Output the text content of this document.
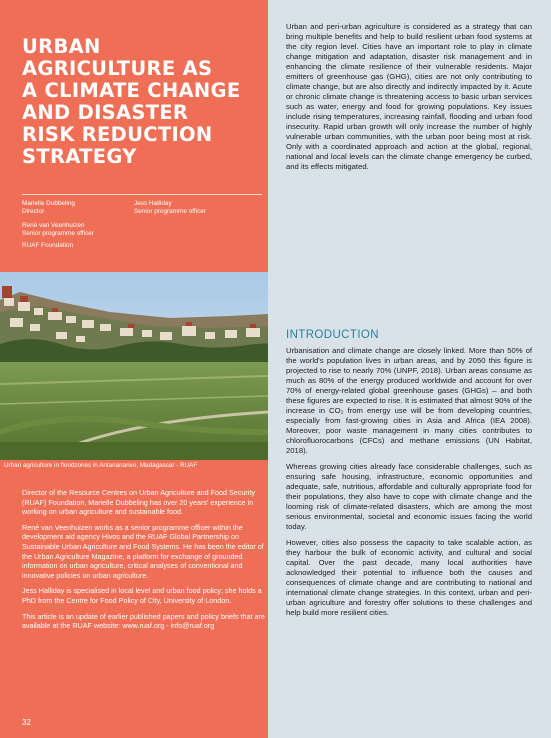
URBAN
AGRICULTURE AS
A CLIMATE CHANGE
AND DISASTER
RISK REDUCTION
STRATEGY
Marielle Dubbeling
Director
Jess Halliday
Senior programme officer
René van Veenhuizen
Senior programme officer
RUAF Foundation
Urban agriculture in floodzones in Antananarivo, Madagascar - RUAF

Director of the Resource Centres on Urban Agriculture and Food Security (RUAF) Foundation, Marielle Dubbeling has over 20 years' experience in working on urban agriculture and sustainable food.

René van Veenhuizen works as a senior programme officer within the development aid agency Hivos and the RUAF Global Partnership on Sustainable Urban Agriculture and Food Systems. He has been the editor of the Urban Agriculture Magazine, a platform for exchange of grounded information on urban agriculture, critical analyses of conventional and innovative policies on urban agriculture.

Jess Halliday is specialised in local level and urban food policy; she holds a PhD from the Centre for Food Policy of City, University of London.

This article is an update of earlier published papers and policy briefs that are available at the RUAF website: www.ruaf.org - info@ruaf.org

32

Urban and peri-urban agriculture is considered as a strategy that can bring multiple benefits and help to build resilient urban food systems at the city region level. Cities have an important role to play in climate change mitigation and adaptation, disaster risk management and in enhancing the climate resilience of their vulnerable residents. Major emitters of greenhouse gas (GHG), cities are not only contributing to climate change, but are also directly and indirectly impacted by it. Acute or chronic climate change is threatening access to basic urban services such as water, energy and food for growing populations. Key issues include rising temperatures, increasing rainfall, flooding and urban food insecurity. Rapid urban growth will only increase the number of highly vulnerable urban communities, with the urban poor being most at risk. Only with a coordinated approach and action at the global, regional, national and local levels can the climate change emergency be curbed, and its effects mitigated.

INTRODUCTION

Urbanisation and climate change are closely linked. More than 50% of the world's population lives in urban areas, and by 2050 this figure is projected to rise to nearly 70% (UNPF, 2018). Urban areas consume as much as 80% of the energy produced worldwide and account for over 70% of energy-related global greenhouse gases (GHGs) – and both these figures are expected to rise. It is estimated that almost 90% of the increase in CO₂ from energy use will be from developing countries, especially from fast-growing cities in Asia and Africa (IEA 2008). Moreover, poor waste management in many cities contributes to chlorofluorocarbons (CFCs) and methane emissions (UN Habitat, 2018).

Whereas growing cities already face considerable challenges, such as ensuring safe housing, infrastructure, economic opportunities and adequate, safe, nutritious, affordable and culturally appropriate food for their populations, they also have to cope with climate change and the looming risk of climate-related disasters, which are among the most serious environmental, societal and economic issues facing the world today.

However, cities also possess the capacity to take scalable action, as they harbour the bulk of economic activity, and cultural and social capital. Over the past decade, many local authorities have acknowledged their potential to influence both the causes and consequences of climate change and are contributing to national and international climate change strategies. In this context, urban and peri-urban agriculture and forestry offer solutions to these challenges and help build more resilient cities.
